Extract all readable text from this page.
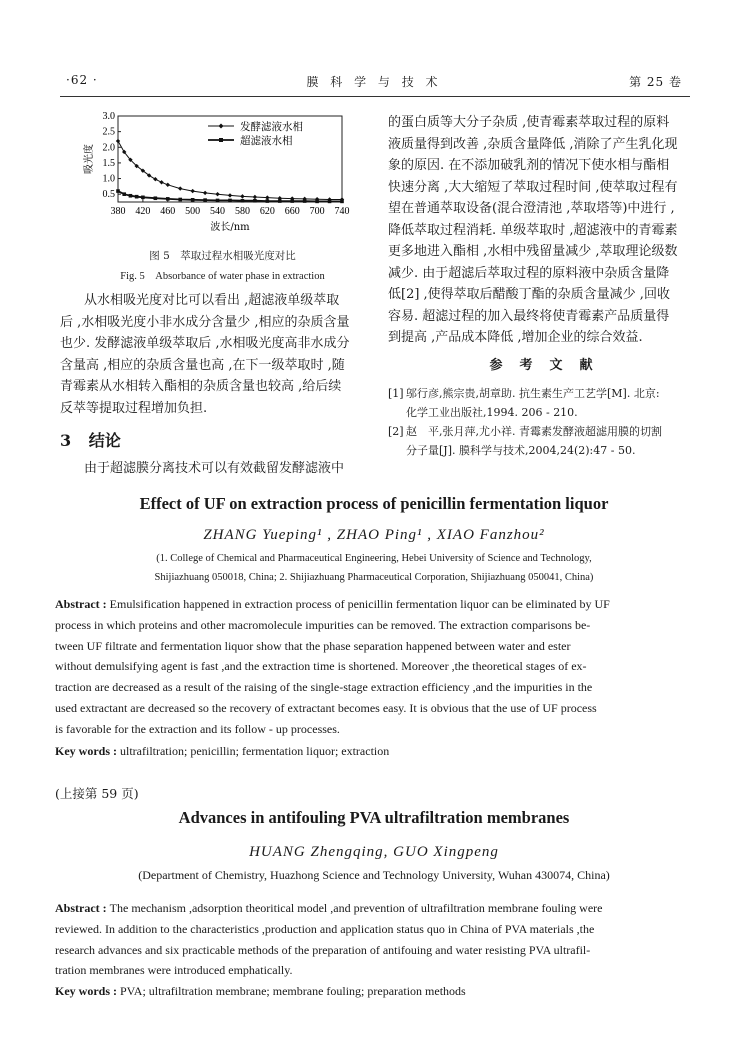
·62 ·	膜 科 学 与 技 术	第 25 卷
0.5
1.0
1.5
2.0
2.5
3.0
380 420 460 500 540 580 620 660 700 740
波长/nm
吸光度
发酵滤液水相
超滤液水相
图 5　萃取过程水相吸光度对比
Fig. 5　Absorbance of water phase in extraction
从水相吸光度对比可以看出 ,超滤液单级萃取
后 ,水相吸光度小非水成分含量少 ,相应的杂质含量
也少. 发酵滤液单级萃取后 ,水相吸光度高非水成分
含量高 ,相应的杂质含量也高 ,在下一级萃取时 ,随
青霉素从水相转入酯相的杂质含量也较高 ,给后续
反萃等提取过程增加负担.
3 结论
由于超滤膜分离技术可以有效截留发酵滤液中
的蛋白质等大分子杂质 ,使青霉素萃取过程的原料
液质量得到改善 ,杂质含量降低 ,消除了产生乳化现
象的原因. 在不添加破乳剂的情况下使水相与酯相
快速分离 ,大大缩短了萃取过程时间 ,使萃取过程有
望在普通萃取设备(混合澄清池 ,萃取塔等)中进行 ,
降低萃取过程消耗. 单级萃取时 ,超滤液中的青霉素
更多地进入酯相 ,水相中残留量减少 ,萃取理论级数
减少. 由于超滤后萃取过程的原料液中杂质含量降
低[2] ,使得萃取后醋酸丁酯的杂质含量减少 ,回收
容易. 超滤过程的加入最终将使青霉素产品质量得
到提高 ,产品成本降低 ,增加企业的综合效益.
参　考　文　献
[1] 邬行彦,熊宗贵,胡章助. 抗生素生产工艺学[M]. 北京:
化学工业出版社,1994. 206 - 210.
[2] 赵　平,张月萍,尤小祥. 青霉素发酵液超滤用膜的切割
分子量[J]. 膜科学与技术,2004,24(2):47 - 50.
Effect of UF on extraction process of penicillin fermentation liquor
ZHANG Yueping¹ , ZHAO Ping¹ , XIAO Fanzhou²
(1. College of Chemical and Pharmaceutical Engineering, Hebei University of Science and Technology,
Shijiazhuang 050018, China; 2. Shijiazhuang Pharmaceutical Corporation, Shijiazhuang 050041, China)
Abstract : Emulsification happened in extraction process of penicillin fermentation liquor can be eliminated by UF
process in which proteins and other macromolecule impurities can be removed. The extraction comparisons be-
tween UF filtrate and fermentation liquor show that the phase separation happened between water and ester
without demulsifying agent is fast ,and the extraction time is shortened. Moreover ,the theoretical stages of ex-
traction are decreased as a result of the raising of the single-stage extraction efficiency ,and the impurities in the
used extractant are decreased so the recovery of extractant becomes easy. It is obvious that the use of UF process
is favorable for the extraction and its follow - up processes.
Key words : ultrafiltration; penicillin; fermentation liquor; extraction
(上接第 59 页)
Advances in antifouling PVA ultrafiltration membranes
HUANG Zhengqing, GUO Xingpeng
(Department of Chemistry, Huazhong Science and Technology University, Wuhan 430074, China)
Abstract : The mechanism ,adsorption theoritical model ,and prevention of ultrafiltration membrane fouling were
reviewed. In addition to the characteristics ,production and application status quo in China of PVA materials ,the
research advances and six practicable methods of the preparation of antifouing and water resisting PVA ultrafil-
tration membranes were introduced emphatically.
Key words : PVA; ultrafiltration membrane; membrane fouling; preparation methods
